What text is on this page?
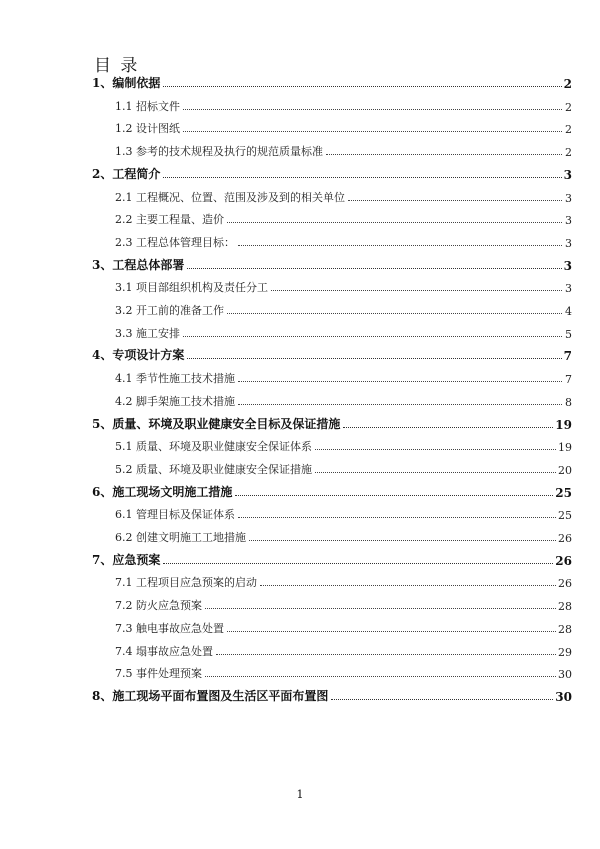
目 录
1、编制依据	2
1.1 招标文件	2
1.2 设计图纸	2
1.3 参考的技术规程及执行的规范质量标准	2
2、工程简介	3
2.1 工程概况、位置、范围及涉及到的相关单位	3
2.2 主要工程量、造价	3
2.3 工程总体管理目标：	3
3、工程总体部署	3
3.1 项目部组织机构及责任分工	3
3.2 开工前的准备工作	4
3.3 施工安排	5
4、专项设计方案	7
4.1 季节性施工技术措施	7
4.2 脚手架施工技术措施	8
5、质量、环境及职业健康安全目标及保证措施	19
5.1 质量、环境及职业健康安全保证体系	19
5.2 质量、环境及职业健康安全保证措施	20
6、施工现场文明施工措施	25
6.1 管理目标及保证体系	25
6.2 创建文明施工工地措施	26
7、应急预案	26
7.1 工程项目应急预案的启动	26
7.2 防火应急预案	28
7.3 触电事故应急处置	28
7.4 塌事故应急处置	29
7.5 事件处理预案	30
8、施工现场平面布置图及生活区平面布置图	30
1
